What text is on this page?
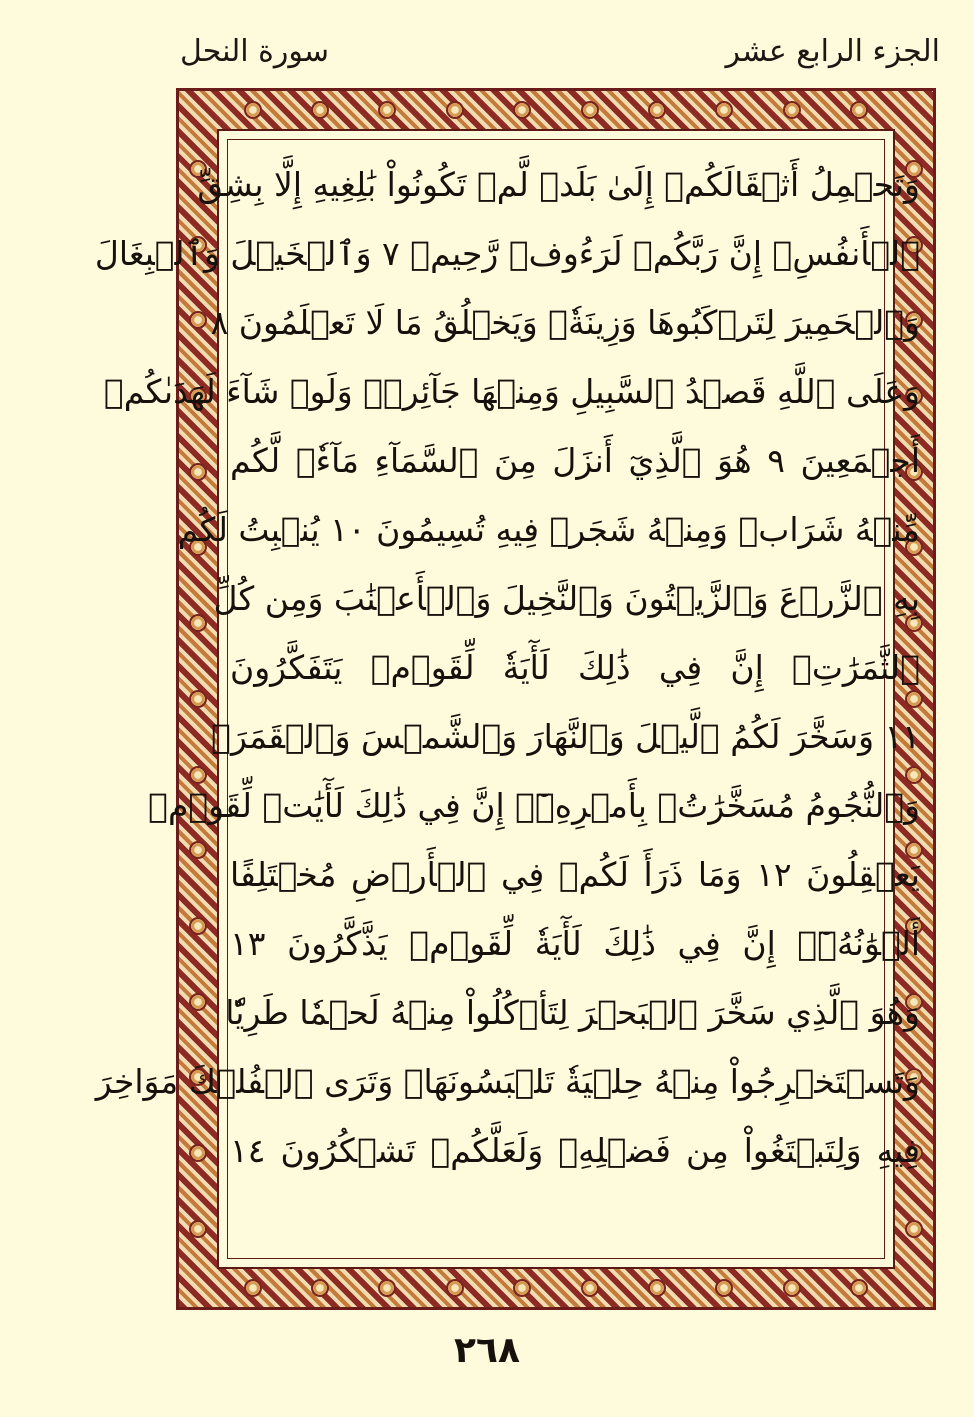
الجزء الرابع عشر
سورة النحل
وَتَحۡمِلُ أَثۡقَالَكُمۡ إِلَىٰ بَلَدٖ لَّمۡ تَكُونُواْ بَٰلِغِيهِ إِلَّا بِشِقِّ
ٱلۡأَنفُسِۚ إِنَّ رَبَّكُمۡ لَرَءُوفٞ رَّحِيمٞ ٧ وَٱلۡخَيۡلَ وَٱلۡبِغَالَ
وَٱلۡحَمِيرَ لِتَرۡكَبُوهَا وَزِينَةٗۚ وَيَخۡلُقُ مَا لَا تَعۡلَمُونَ ٨
وَعَلَى ٱللَّهِ قَصۡدُ ٱلسَّبِيلِ وَمِنۡهَا جَآئِرٞۚ وَلَوۡ شَآءَ لَهَدَىٰكُمۡ
أَجۡمَعِينَ ٩ هُوَ ٱلَّذِيٓ أَنزَلَ مِنَ ٱلسَّمَآءِ مَآءٗۖ لَّكُم
مِّنۡهُ شَرَابٞ وَمِنۡهُ شَجَرٞ فِيهِ تُسِيمُونَ ١٠ يُنۢبِتُ لَكُم
بِهِ ٱلزَّرۡعَ وَٱلزَّيۡتُونَ وَٱلنَّخِيلَ وَٱلۡأَعۡنَٰبَ وَمِن كُلِّ
ٱلثَّمَرَٰتِۚ إِنَّ فِي ذَٰلِكَ لَأٓيَةٗ لِّقَوۡمٖ يَتَفَكَّرُونَ
١١ وَسَخَّرَ لَكُمُ ٱلَّيۡلَ وَٱلنَّهَارَ وَٱلشَّمۡسَ وَٱلۡقَمَرَۖ
وَٱلنُّجُومُ مُسَخَّرَٰتُۢ بِأَمۡرِهِۦٓۚ إِنَّ فِي ذَٰلِكَ لَأٓيَٰتٖ لِّقَوۡمٖ
يَعۡقِلُونَ ١٢ وَمَا ذَرَأَ لَكُمۡ فِي ٱلۡأَرۡضِ مُخۡتَلِفًا
أَلۡوَٰنُهُۥٓۚ إِنَّ فِي ذَٰلِكَ لَأٓيَةٗ لِّقَوۡمٖ يَذَّكَّرُونَ ١٣
وَهُوَ ٱلَّذِي سَخَّرَ ٱلۡبَحۡرَ لِتَأۡكُلُواْ مِنۡهُ لَحۡمٗا طَرِيّٗا
وَتَسۡتَخۡرِجُواْ مِنۡهُ حِلۡيَةٗ تَلۡبَسُونَهَاۖ وَتَرَى ٱلۡفُلۡكَ مَوَاخِرَ
فِيهِ وَلِتَبۡتَغُواْ مِن فَضۡلِهِۦ وَلَعَلَّكُمۡ تَشۡكُرُونَ ١٤
٢٦٨
